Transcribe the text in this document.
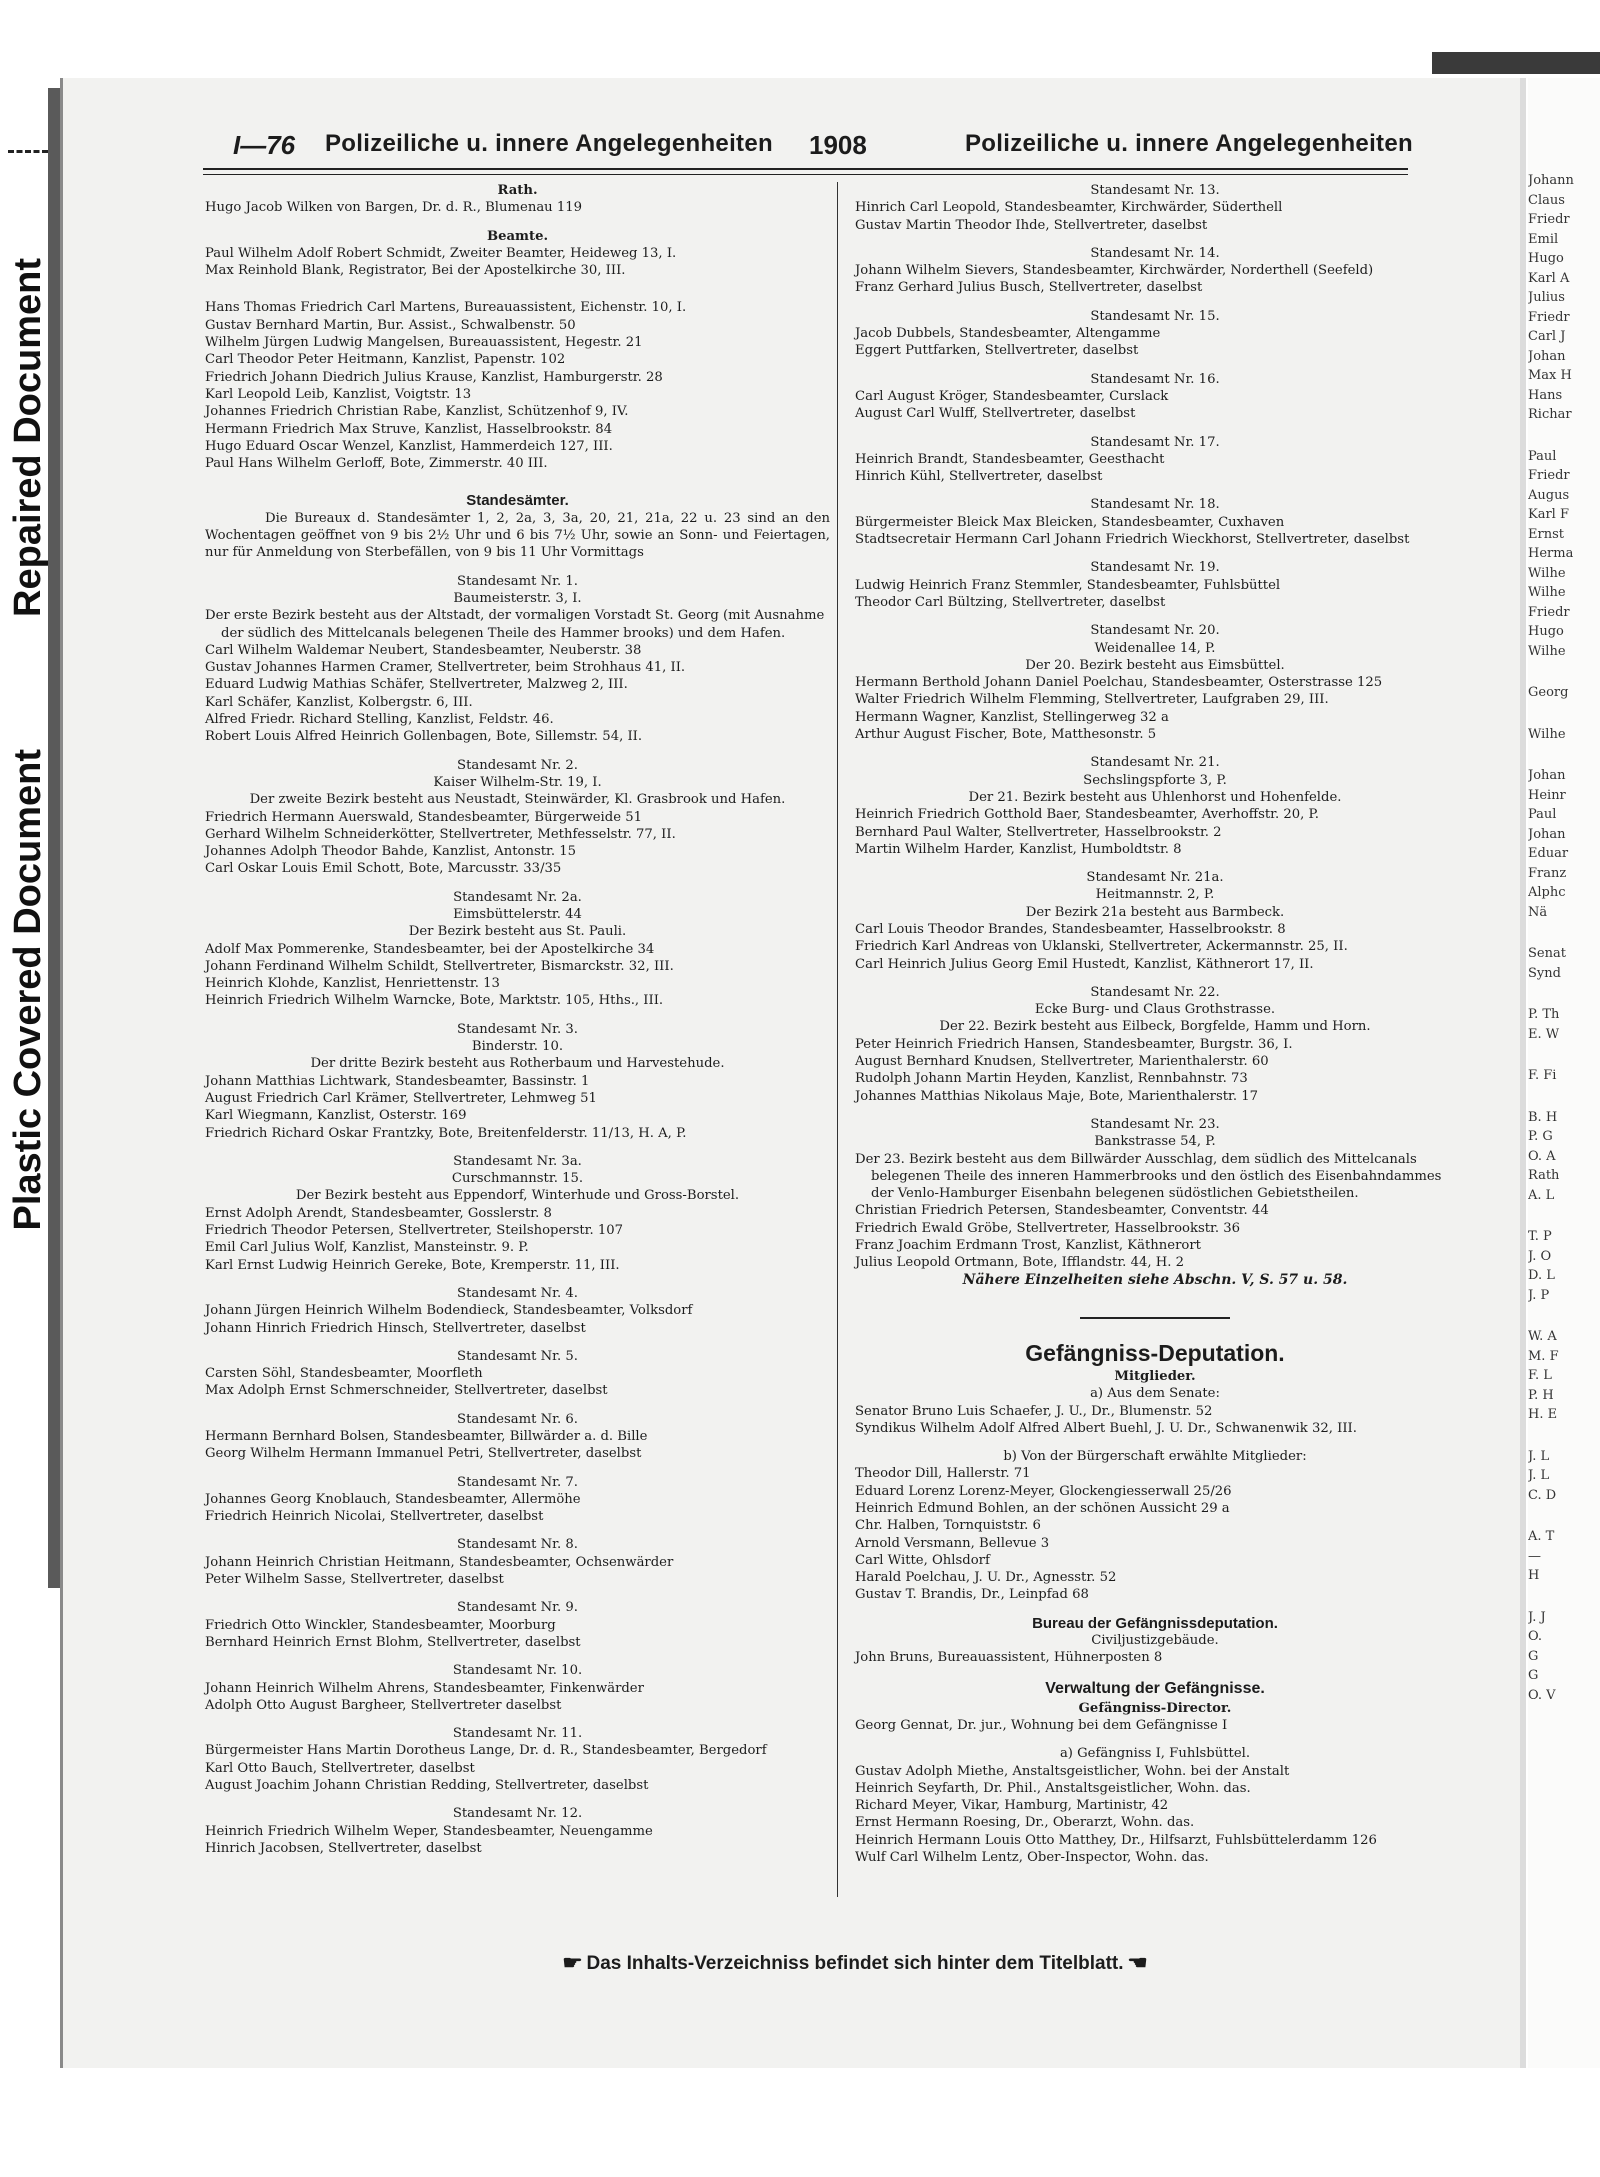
Repaired Document
Plastic Covered Document
Johann
Claus
Friedr
Emil
Hugo
Karl A
Julius
Friedr
Carl J
Johan
Max H
Hans
Richar
Paul
Friedr
Augus
Karl F
Ernst
Herma
Wilhe
Wilhe
Friedr
Hugo
Wilhe
Georg
Wilhe
Johan
Heinr
Paul
Johan
Eduar
Franz
Alphc
Nä
Senat
Synd
P. Th
E. W
F. Fi
B. H
P. G
O. A
Rath
A. L
T. P
J. O
D. L
J. P
W. A
M. F
F. L
P. H
H. E
J. L
J. L
C. D
A. T
—
H
J. J
O.
G
G
O. V
I—76 Polizeiliche u. innere Angelegenheiten 1908	Polizeiliche u. innere Angelegenheiten
Rath.
Hugo Jacob Wilken von Bargen, Dr. d. R., Blumenau 119
Beamte.
Paul Wilhelm Adolf Robert Schmidt, Zweiter Beamter, Heideweg 13, I.
Max Reinhold Blank, Registrator, Bei der Apostelkirche 30, III.
Hans Thomas Friedrich Carl Martens, Bureauassistent, Eichenstr. 10, I.
Gustav Bernhard Martin, Bur. Assist., Schwalbenstr. 50
Wilhelm Jürgen Ludwig Mangelsen, Bureauassistent, Hegestr. 21
Carl Theodor Peter Heitmann, Kanzlist, Papenstr. 102
Friedrich Johann Diedrich Julius Krause, Kanzlist, Hamburgerstr. 28
Karl Leopold Leib, Kanzlist, Voigtstr. 13
Johannes Friedrich Christian Rabe, Kanzlist, Schützenhof 9, IV.
Hermann Friedrich Max Struve, Kanzlist, Hasselbrookstr. 84
Hugo Eduard Oscar Wenzel, Kanzlist, Hammerdeich 127, III.
Paul Hans Wilhelm Gerloff, Bote, Zimmerstr. 40 III.
Standesämter.
Die Bureaux d. Standesämter 1, 2, 2a, 3, 3a, 20, 21, 21a, 22 u. 23 sind an den Wochentagen geöffnet von 9 bis 2½ Uhr und 6 bis 7½ Uhr, sowie an Sonn- und Feiertagen, nur für Anmeldung von Sterbefällen, von 9 bis 11 Uhr Vormittags
Standesamt Nr. 1.
Baumeisterstr. 3, I.
Der erste Bezirk besteht aus der Altstadt, der vormaligen Vorstadt St. Georg (mit Ausnahme der südlich des Mittelcanals belegenen Theile des Hammer brooks) und dem Hafen.
Carl Wilhelm Waldemar Neubert, Standesbeamter, Neuberstr. 38
Gustav Johannes Harmen Cramer, Stellvertreter, beim Strohhaus 41, II.
Eduard Ludwig Mathias Schäfer, Stellvertreter, Malzweg 2, III.
Karl Schäfer, Kanzlist, Kolbergstr. 6, III.
Alfred Friedr. Richard Stelling, Kanzlist, Feldstr. 46.
Robert Louis Alfred Heinrich Gollenbagen, Bote, Sillemstr. 54, II.
Standesamt Nr. 2.
Kaiser Wilhelm-Str. 19, I.
Der zweite Bezirk besteht aus Neustadt, Steinwärder, Kl. Grasbrook und Hafen.
Friedrich Hermann Auerswald, Standesbeamter, Bürgerweide 51
Gerhard Wilhelm Schneiderkötter, Stellvertreter, Methfesselstr. 77, II.
Johannes Adolph Theodor Bahde, Kanzlist, Antonstr. 15
Carl Oskar Louis Emil Schott, Bote, Marcusstr. 33/35
Standesamt Nr. 2a.
Eimsbüttelerstr. 44
Der Bezirk besteht aus St. Pauli.
Adolf Max Pommerenke, Standesbeamter, bei der Apostelkirche 34
Johann Ferdinand Wilhelm Schildt, Stellvertreter, Bismarckstr. 32, III.
Heinrich Klohde, Kanzlist, Henriettenstr. 13
Heinrich Friedrich Wilhelm Warncke, Bote, Marktstr. 105, Hths., III.
Standesamt Nr. 3.
Binderstr. 10.
Der dritte Bezirk besteht aus Rotherbaum und Harvestehude.
Johann Matthias Lichtwark, Standesbeamter, Bassinstr. 1
August Friedrich Carl Krämer, Stellvertreter, Lehmweg 51
Karl Wiegmann, Kanzlist, Osterstr. 169
Friedrich Richard Oskar Frantzky, Bote, Breitenfelderstr. 11/13, H. A, P.
Standesamt Nr. 3a.
Curschmannstr. 15.
Der Bezirk besteht aus Eppendorf, Winterhude und Gross-Borstel.
Ernst Adolph Arendt, Standesbeamter, Gosslerstr. 8
Friedrich Theodor Petersen, Stellvertreter, Steilshoperstr. 107
Emil Carl Julius Wolf, Kanzlist, Mansteinstr. 9. P.
Karl Ernst Ludwig Heinrich Gereke, Bote, Kremperstr. 11, III.
Standesamt Nr. 4.
Johann Jürgen Heinrich Wilhelm Bodendieck, Standesbeamter, Volksdorf
Johann Hinrich Friedrich Hinsch, Stellvertreter, daselbst
Standesamt Nr. 5.
Carsten Söhl, Standesbeamter, Moorfleth
Max Adolph Ernst Schmerschneider, Stellvertreter, daselbst
Standesamt Nr. 6.
Hermann Bernhard Bolsen, Standesbeamter, Billwärder a. d. Bille
Georg Wilhelm Hermann Immanuel Petri, Stellvertreter, daselbst
Standesamt Nr. 7.
Johannes Georg Knoblauch, Standesbeamter, Allermöhe
Friedrich Heinrich Nicolai, Stellvertreter, daselbst
Standesamt Nr. 8.
Johann Heinrich Christian Heitmann, Standesbeamter, Ochsenwärder
Peter Wilhelm Sasse, Stellvertreter, daselbst
Standesamt Nr. 9.
Friedrich Otto Winckler, Standesbeamter, Moorburg
Bernhard Heinrich Ernst Blohm, Stellvertreter, daselbst
Standesamt Nr. 10.
Johann Heinrich Wilhelm Ahrens, Standesbeamter, Finkenwärder
Adolph Otto August Bargheer, Stellvertreter daselbst
Standesamt Nr. 11.
Bürgermeister Hans Martin Dorotheus Lange, Dr. d. R., Standesbeamter, Bergedorf
Karl Otto Bauch, Stellvertreter, daselbst
August Joachim Johann Christian Redding, Stellvertreter, daselbst
Standesamt Nr. 12.
Heinrich Friedrich Wilhelm Weper, Standesbeamter, Neuengamme
Hinrich Jacobsen, Stellvertreter, daselbst
Standesamt Nr. 13.
Hinrich Carl Leopold, Standesbeamter, Kirchwärder, Süderthell
Gustav Martin Theodor Ihde, Stellvertreter, daselbst
Standesamt Nr. 14.
Johann Wilhelm Sievers, Standesbeamter, Kirchwärder, Norderthell (Seefeld)
Franz Gerhard Julius Busch, Stellvertreter, daselbst
Standesamt Nr. 15.
Jacob Dubbels, Standesbeamter, Altengamme
Eggert Puttfarken, Stellvertreter, daselbst
Standesamt Nr. 16.
Carl August Kröger, Standesbeamter, Curslack
August Carl Wulff, Stellvertreter, daselbst
Standesamt Nr. 17.
Heinrich Brandt, Standesbeamter, Geesthacht
Hinrich Kühl, Stellvertreter, daselbst
Standesamt Nr. 18.
Bürgermeister Bleick Max Bleicken, Standesbeamter, Cuxhaven
Stadtsecretair Hermann Carl Johann Friedrich Wieckhorst, Stellvertreter, daselbst
Standesamt Nr. 19.
Ludwig Heinrich Franz Stemmler, Standesbeamter, Fuhlsbüttel
Theodor Carl Bültzing, Stellvertreter, daselbst
Standesamt Nr. 20.
Weidenallee 14, P.
Der 20. Bezirk besteht aus Eimsbüttel.
Hermann Berthold Johann Daniel Poelchau, Standesbeamter, Osterstrasse 125
Walter Friedrich Wilhelm Flemming, Stellvertreter, Laufgraben 29, III.
Hermann Wagner, Kanzlist, Stellingerweg 32 a
Arthur August Fischer, Bote, Matthesonstr. 5
Standesamt Nr. 21.
Sechslingspforte 3, P.
Der 21. Bezirk besteht aus Uhlenhorst und Hohenfelde.
Heinrich Friedrich Gotthold Baer, Standesbeamter, Averhoffstr. 20, P.
Bernhard Paul Walter, Stellvertreter, Hasselbrookstr. 2
Martin Wilhelm Harder, Kanzlist, Humboldtstr. 8
Standesamt Nr. 21a.
Heitmannstr. 2, P.
Der Bezirk 21a besteht aus Barmbeck.
Carl Louis Theodor Brandes, Standesbeamter, Hasselbrookstr. 8
Friedrich Karl Andreas von Uklanski, Stellvertreter, Ackermannstr. 25, II.
Carl Heinrich Julius Georg Emil Hustedt, Kanzlist, Käthnerort 17, II.
Standesamt Nr. 22.
Ecke Burg- und Claus Grothstrasse.
Der 22. Bezirk besteht aus Eilbeck, Borgfelde, Hamm und Horn.
Peter Heinrich Friedrich Hansen, Standesbeamter, Burgstr. 36, I.
August Bernhard Knudsen, Stellvertreter, Marienthalerstr. 60
Rudolph Johann Martin Heyden, Kanzlist, Rennbahnstr. 73
Johannes Matthias Nikolaus Maje, Bote, Marienthalerstr. 17
Standesamt Nr. 23.
Bankstrasse 54, P.
Der 23. Bezirk besteht aus dem Billwärder Ausschlag, dem südlich des Mittelcanals belegenen Theile des inneren Hammerbrooks und den östlich des Eisenbahndammes der Venlo-Hamburger Eisenbahn belegenen südöstlichen Gebietstheilen.
Christian Friedrich Petersen, Standesbeamter, Conventstr. 44
Friedrich Ewald Gröbe, Stellvertreter, Hasselbrookstr. 36
Franz Joachim Erdmann Trost, Kanzlist, Käthnerort
Julius Leopold Ortmann, Bote, Ifflandstr. 44, H. 2
Nähere Einzelheiten siehe Abschn. V, S. 57 u. 58.
Gefängniss-Deputation.
Mitglieder.
a) Aus dem Senate:
Senator Bruno Luis Schaefer, J. U., Dr., Blumenstr. 52
Syndikus Wilhelm Adolf Alfred Albert Buehl, J. U. Dr., Schwanenwik 32, III.
b) Von der Bürgerschaft erwählte Mitglieder:
Theodor Dill, Hallerstr. 71
Eduard Lorenz Lorenz-Meyer, Glockengiesserwall 25/26
Heinrich Edmund Bohlen, an der schönen Aussicht 29 a
Chr. Halben, Tornquiststr. 6
Arnold Versmann, Bellevue 3
Carl Witte, Ohlsdorf
Harald Poelchau, J. U. Dr., Agnesstr. 52
Gustav T. Brandis, Dr., Leinpfad 68
Bureau der Gefängnissdeputation.
Civiljustizgebäude.
John Bruns, Bureauassistent, Hühnerposten 8
Verwaltung der Gefängnisse.
Gefängniss-Director.
Georg Gennat, Dr. jur., Wohnung bei dem Gefängnisse I
a) Gefängniss I, Fuhlsbüttel.
Gustav Adolph Miethe, Anstaltsgeistlicher, Wohn. bei der Anstalt
Heinrich Seyfarth, Dr. Phil., Anstaltsgeistlicher, Wohn. das.
Richard Meyer, Vikar, Hamburg, Martinistr, 42
Ernst Hermann Roesing, Dr., Oberarzt, Wohn. das.
Heinrich Hermann Louis Otto Matthey, Dr., Hilfsarzt, Fuhlsbüttelerdamm 126
Wulf Carl Wilhelm Lentz, Ober-Inspector, Wohn. das.
☛ Das Inhalts-Verzeichniss befindet sich hinter dem Titelblatt. ☛
